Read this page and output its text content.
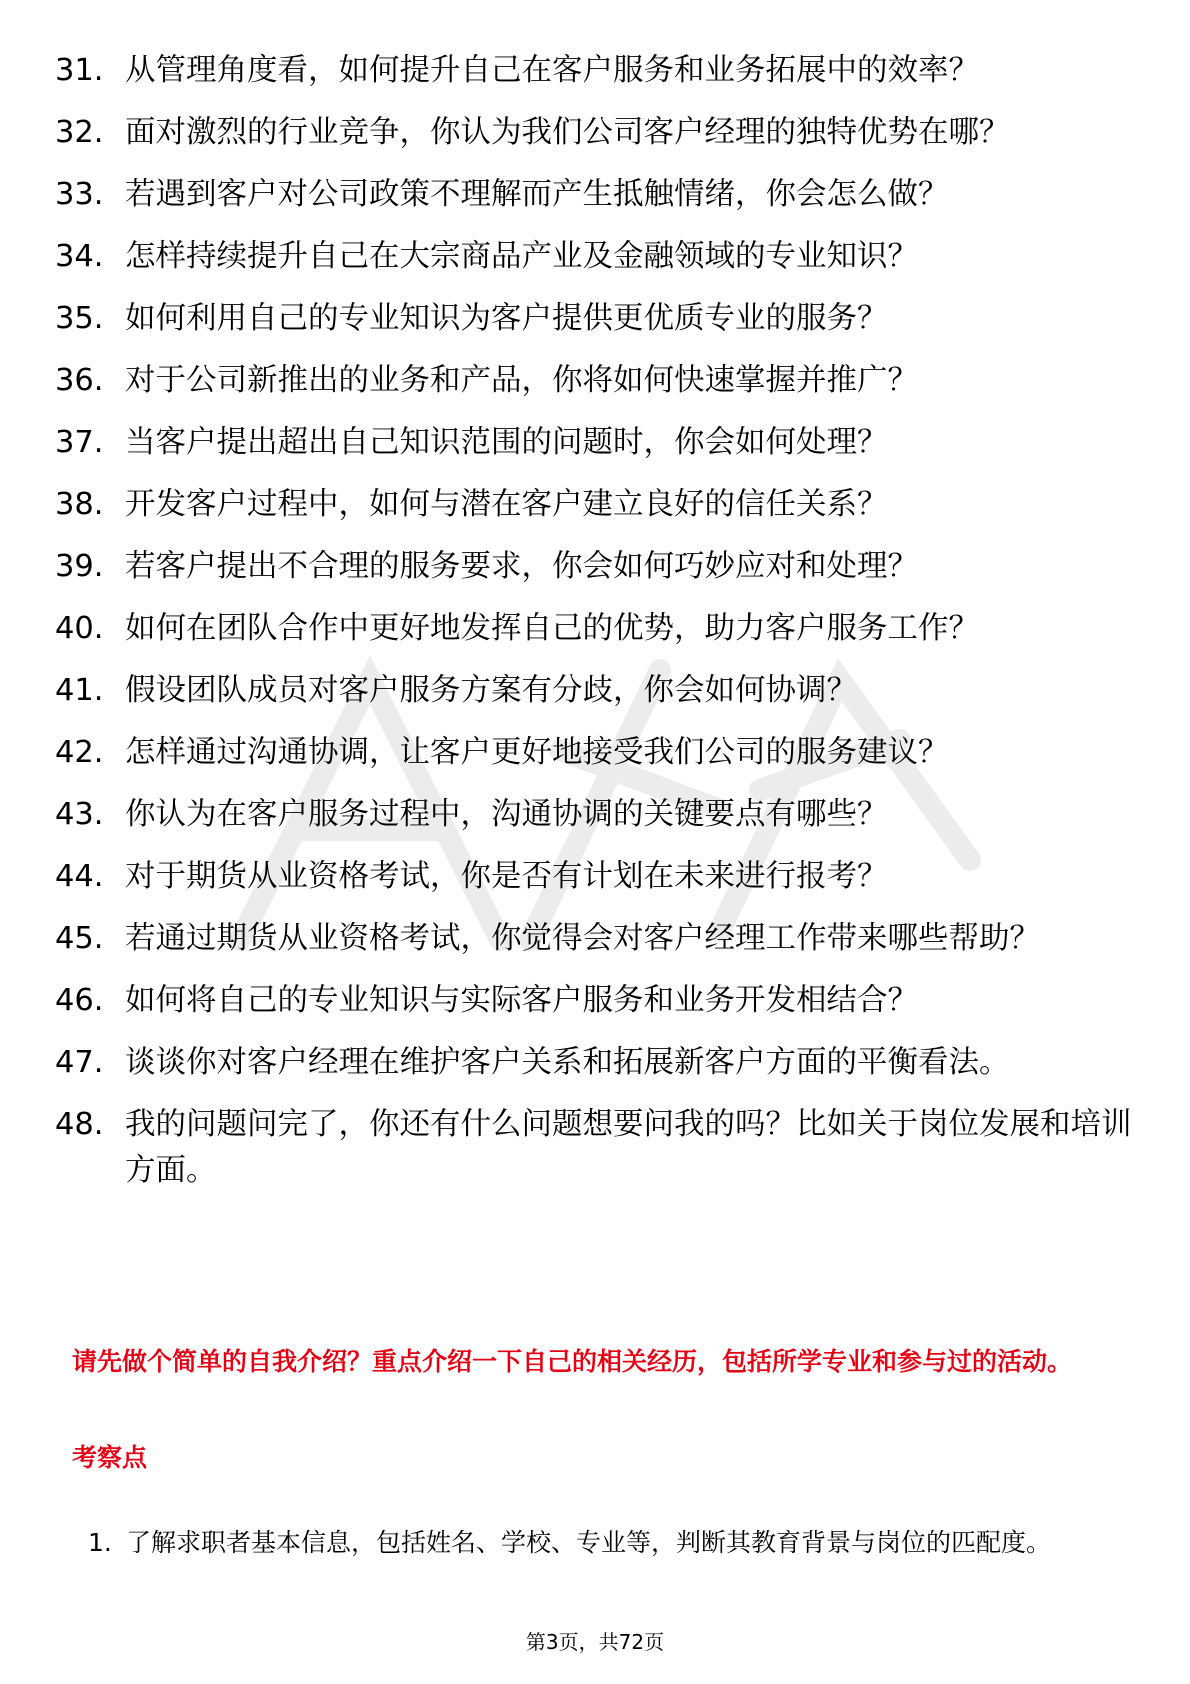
31. 从管理角度看，如何提升自己在客户服务和业务拓展中的效率？
32. 面对激烈的行业竞争，你认为我们公司客户经理的独特优势在哪？
33. 若遇到客户对公司政策不理解而产生抵触情绪，你会怎么做？
34. 怎样持续提升自己在大宗商品产业及金融领域的专业知识？
35. 如何利用自己的专业知识为客户提供更优质专业的服务？
36. 对于公司新推出的业务和产品，你将如何快速掌握并推广？
37. 当客户提出超出自己知识范围的问题时，你会如何处理？
38. 开发客户过程中，如何与潜在客户建立良好的信任关系？
39. 若客户提出不合理的服务要求，你会如何巧妙应对和处理？
40. 如何在团队合作中更好地发挥自己的优势，助力客户服务工作？
41. 假设团队成员对客户服务方案有分歧，你会如何协调？
42. 怎样通过沟通协调，让客户更好地接受我们公司的服务建议？
43. 你认为在客户服务过程中，沟通协调的关键要点有哪些？
44. 对于期货从业资格考试，你是否有计划在未来进行报考？
45. 若通过期货从业资格考试，你觉得会对客户经理工作带来哪些帮助？
46. 如何将自己的专业知识与实际客户服务和业务开发相结合？
47. 谈谈你对客户经理在维护客户关系和拓展新客户方面的平衡看法。
48. 我的问题问完了，你还有什么问题想要问我的吗？比如关于岗位发展和培训方面。
请先做个简单的自我介绍？重点介绍一下自己的相关经历，包括所学专业和参与过的活动。
考察点
1. 了解求职者基本信息，包括姓名、学校、专业等，判断其教育背景与岗位的匹配度。
第3页，共72页
